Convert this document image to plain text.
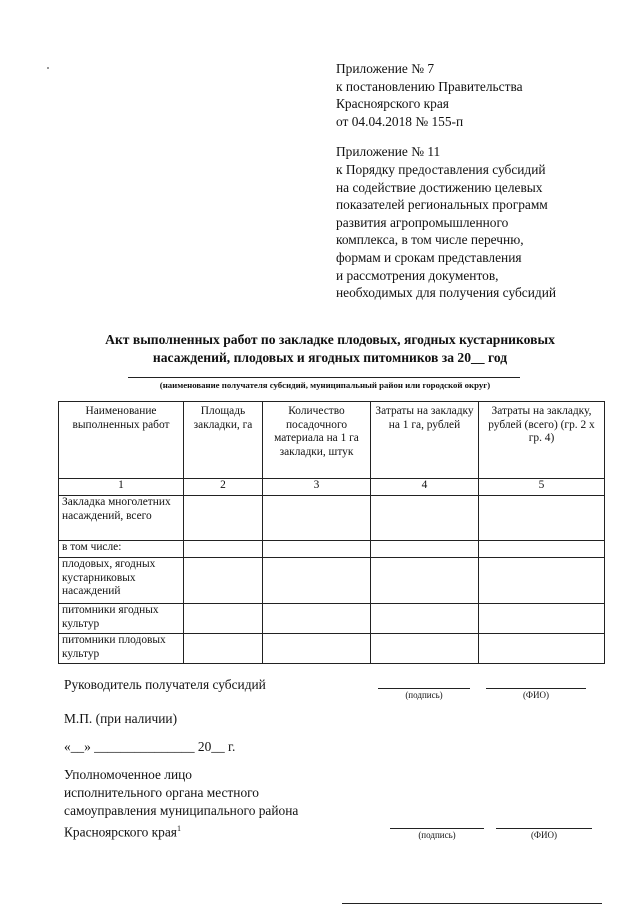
Приложение № 7
к постановлению Правительства
Красноярского края
от 04.04.2018 № 155-п
Приложение № 11
к Порядку предоставления субсидий
на содействие достижению целевых
показателей региональных программ
развития агропромышленного
комплекса, в том числе перечню,
формам и срокам представления
и рассмотрения документов,
необходимых для получения субсидий
Акт выполненных работ по закладке плодовых, ягодных кустарниковых
насаждений, плодовых и ягодных питомников за 20__ год
(наименование получателя субсидий, муниципальный район или городской округ)
Наименование выполненных работ	Площадь закладки, га	Количество посадочного материала на 1 га закладки, штук	Затраты на закладку на 1 га, рублей	Затраты на закладку, рублей (всего) (гр. 2 x гр. 4)
1	2	3	4	5
Закладка многолетних насаждений, всего				
в том числе:				
плодовых, ягодных кустарниковых насаждений				
питомники ягодных культур				
питомники плодовых культур				
Руководитель получателя субсидий
(подпись)	(ФИО)
М.П. (при наличии)
«__» _______________ 20__ г.
Уполномоченное лицо
исполнительного органа местного
самоуправления муниципального района
Красноярского края$^1$
(подпись)	(ФИО)
